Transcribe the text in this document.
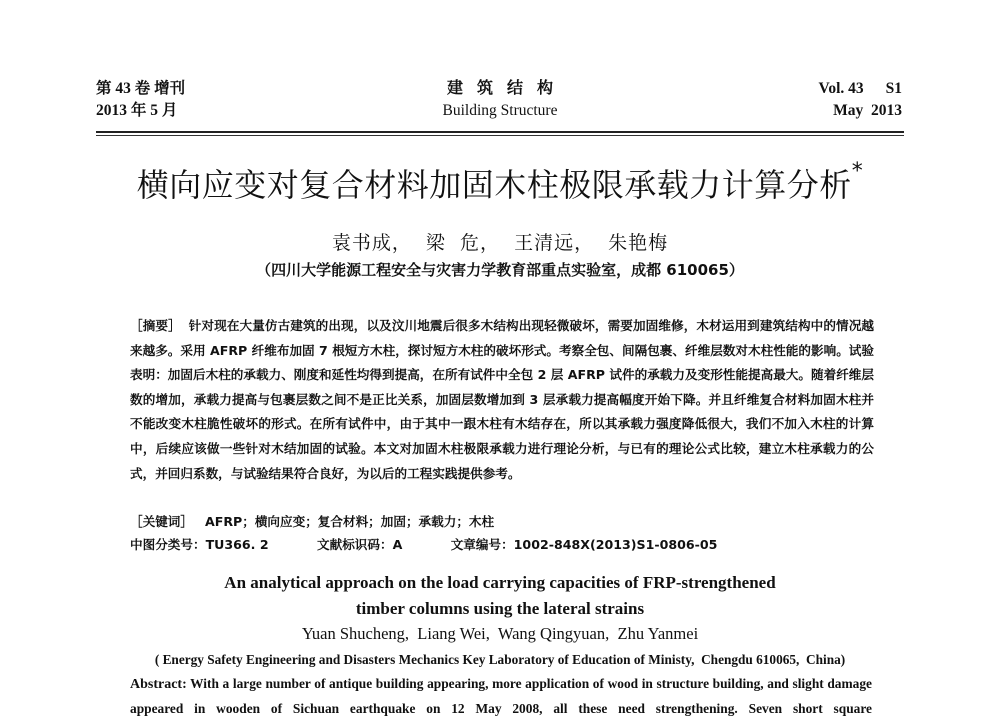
第 43 卷 增刊
2013 年 5 月
建筑结构
Building Structure
Vol. 43 S1
May  2013
横向应变对复合材料加固木柱极限承载力计算分析*
袁书成，  梁  危，  王清远，  朱艳梅
（四川大学能源工程安全与灾害力学教育部重点实验室，成都 610065）
［摘要］ 针对现在大量仿古建筑的出现，以及汶川地震后很多木结构出现轻微破坏，需要加固维修，木材运用到建筑结构中的情况越来越多。采用 AFRP 纤维布加固 7 根短方木柱，探讨短方木柱的破坏形式。考察全包、间隔包裹、纤维层数对木柱性能的影响。试验表明：加固后木柱的承载力、刚度和延性均得到提高，在所有试件中全包 2 层 AFRP 试件的承载力及变形性能提高最大。随着纤维层数的增加，承载力提高与包裹层数之间不是正比关系，加固层数增加到 3 层承载力提高幅度开始下降。并且纤维复合材料加固木柱并不能改变木柱脆性破坏的形式。在所有试件中，由于其中一跟木柱有木结存在，所以其承载力强度降低很大，我们不加入木柱的计算中，后续应该做一些针对木结加固的试验。本文对加固木柱极限承载力进行理论分析，与已有的理论公式比较，建立木柱承载力的公式，并回归系数，与试验结果符合良好，为以后的工程实践提供参考。
［关键词］ AFRP；横向应变；复合材料；加固；承载力；木柱
中图分类号：TU366. 2	文献标识码：A	文章编号：1002-848X(2013)S1-0806-05
An analytical approach on the load carrying capacities of FRP-strengthened
timber columns using the lateral strains
Yuan Shucheng,  Liang Wei,  Wang Qingyuan,  Zhu Yanmei
( Energy Safety Engineering and Disasters Mechanics Key Laboratory of Education of Ministy,  Chengdu 610065,  China)
Abstract: With a large number of antique building appearing, more application of wood in structure building, and slight damage appeared in wooden of Sichuan earthquake on 12 May 2008, all these need strengthening. Seven short square
